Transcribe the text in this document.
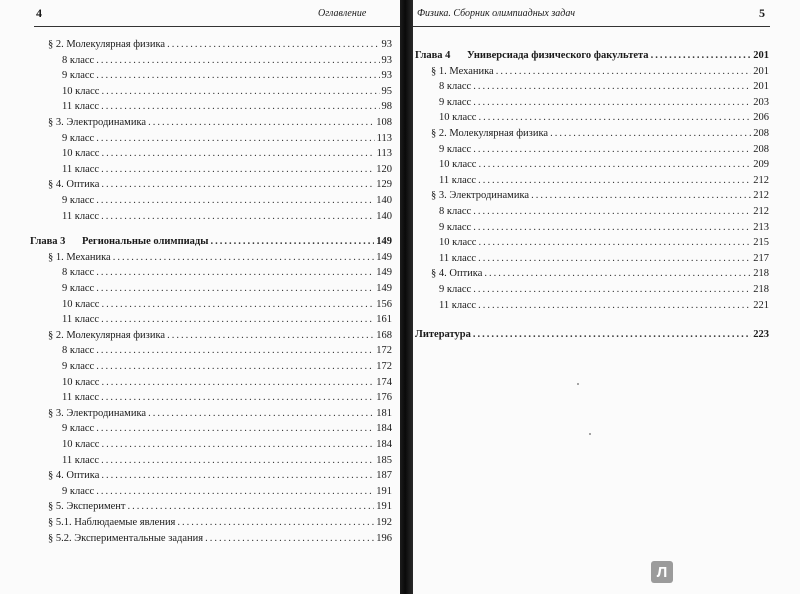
4	Оглавление
§ 2. Молекулярная физика .....	93
8 класс .....	93
9 класс .....	93
10 класс .....	95
11 класс .....	98
§ 3. Электродинамика .....	108
9 класс .....	113
10 класс .....	113
11 класс .....	120
§ 4. Оптика .....	129
9 класс .....	140
11 класс .....	140
Глава 3 Региональные олимпиады .....	149
§ 1. Механика .....	149
8 класс .....	149
9 класс .....	149
10 класс .....	156
11 класс .....	161
§ 2. Молекулярная физика .....	168
8 класс .....	172
9 класс .....	172
10 класс .....	174
11 класс .....	176
§ 3. Электродинамика .....	181
9 класс .....	184
10 класс .....	184
11 класс .....	185
§ 4. Оптика .....	187
9 класс .....	191
§ 5. Эксперимент .....	191
§ 5.1. Наблюдаемые явления .....	192
§ 5.2. Экспериментальные задания .....	196
Физика. Сборник олимпиадных задач	5
Глава 4 Универсиада физического факультета .....	201
§ 1. Механика .....	201
8 класс .....	201
9 класс .....	203
10 класс .....	206
§ 2. Молекулярная физика .....	208
9 класс .....	208
10 класс .....	209
11 класс .....	212
§ 3. Электродинамика .....	212
8 класс .....	212
9 класс .....	213
10 класс .....	215
11 класс .....	217
§ 4. Оптика .....	218
9 класс .....	218
11 класс .....	221
Литература .....	223
Л
